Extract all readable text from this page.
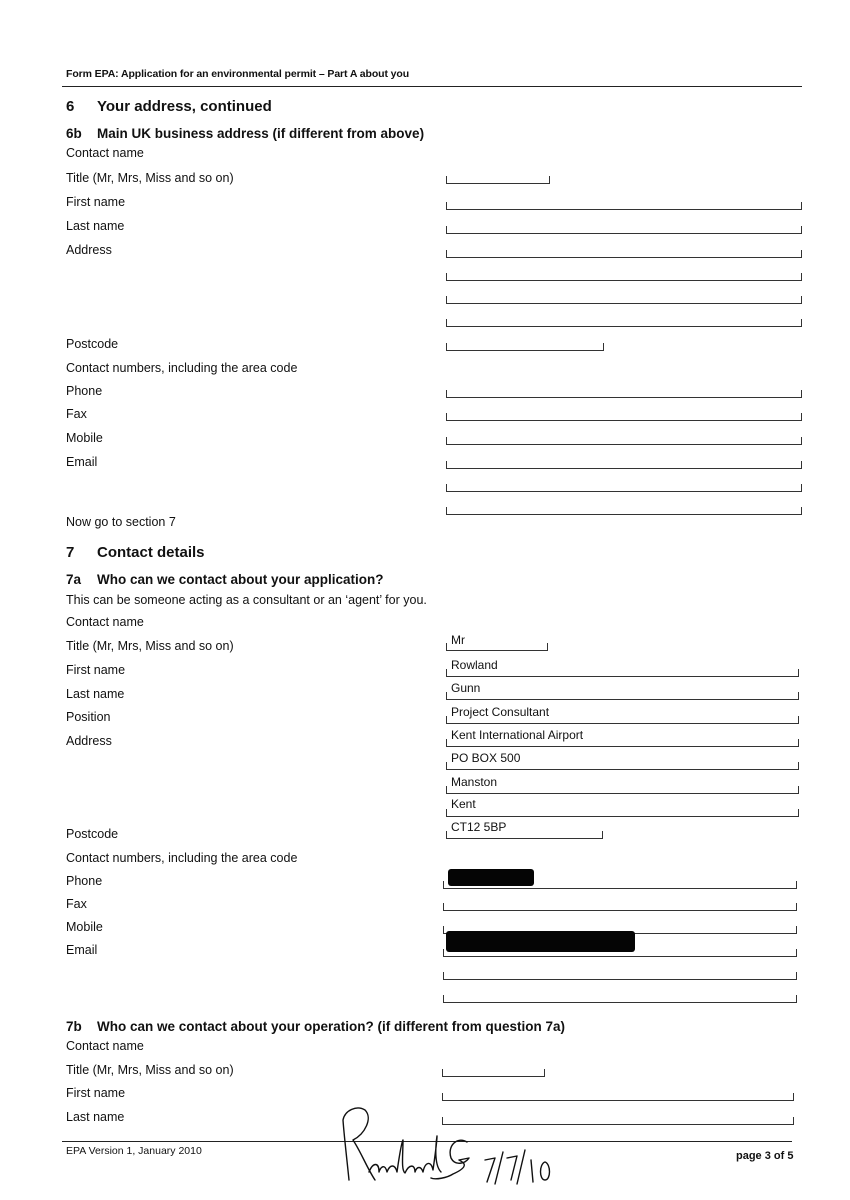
Form EPA: Application for an environmental permit – Part A about you
6 Your address, continued
6b Main UK business address (if different from above)
Contact name
Title (Mr, Mrs, Miss and so on)
First name
Last name
Address
Postcode
Contact numbers, including the area code
Phone
Fax
Mobile
Email
Now go to section 7
7 Contact details
7a Who can we contact about your application?
This can be someone acting as a consultant or an ‘agent’ for you.
Contact name
Title (Mr, Mrs, Miss and so on)	Mr
First name	Rowland
Last name	Gunn
Position	Project Consultant
Address	Kent International Airport
PO BOX 500
Manston
Kent
Postcode	CT12 5BP
Contact numbers, including the area code
Phone
Fax
Mobile
Email
7b Who can we contact about your operation? (if different from question 7a)
Contact name
Title (Mr, Mrs, Miss and so on)
First name
Last name
EPA Version 1, January 2010	page 3 of 5
Rowland Gunn 7/7/10
